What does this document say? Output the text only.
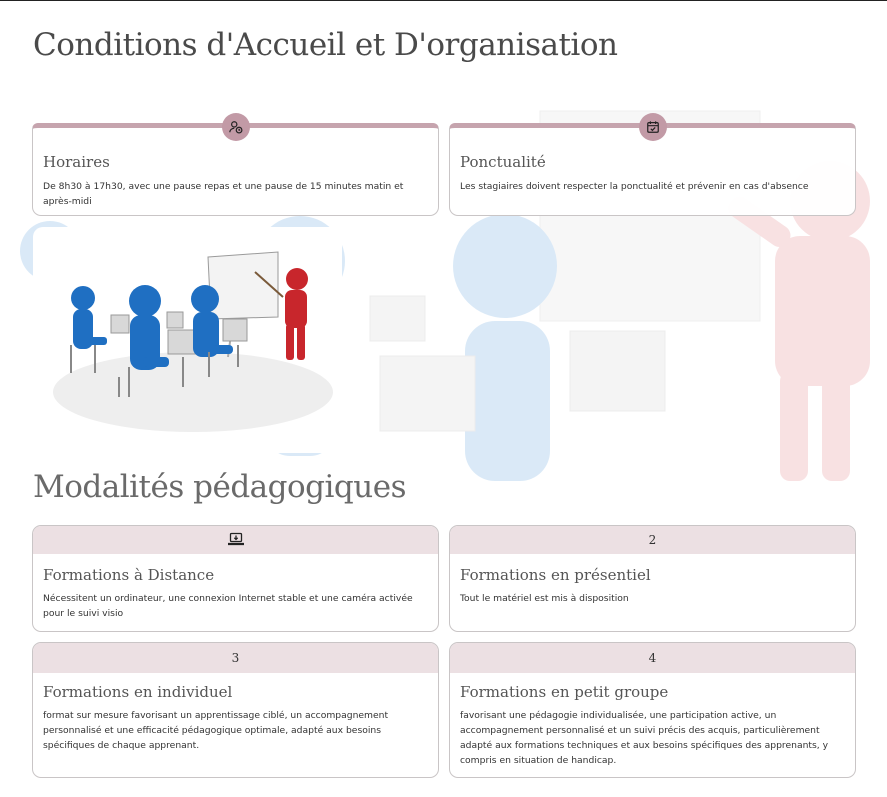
Conditions d'Accueil et D'organisation
Horaires
De 8h30 à 17h30, avec une pause repas et une pause de 15 minutes matin et après-midi
Ponctualité
Les stagiaires doivent respecter la ponctualité et prévenir en cas d'absence
Modalités pédagogiques
Formations à Distance
Nécessitent un ordinateur, une connexion Internet stable et une caméra activée pour le suivi visio
2
Formations en présentiel
Tout le matériel est mis à disposition
3
Formations en individuel
format sur mesure favorisant un apprentissage ciblé, un accompagnement personnalisé et une efficacité pédagogique optimale, adapté aux besoins spécifiques de chaque apprenant.
4
Formations en petit groupe
favorisant une pédagogie individualisée, une participation active, un accompagnement personnalisé et un suivi précis des acquis, particulièrement adapté aux formations techniques et aux besoins spécifiques des apprenants, y compris en situation de handicap.
